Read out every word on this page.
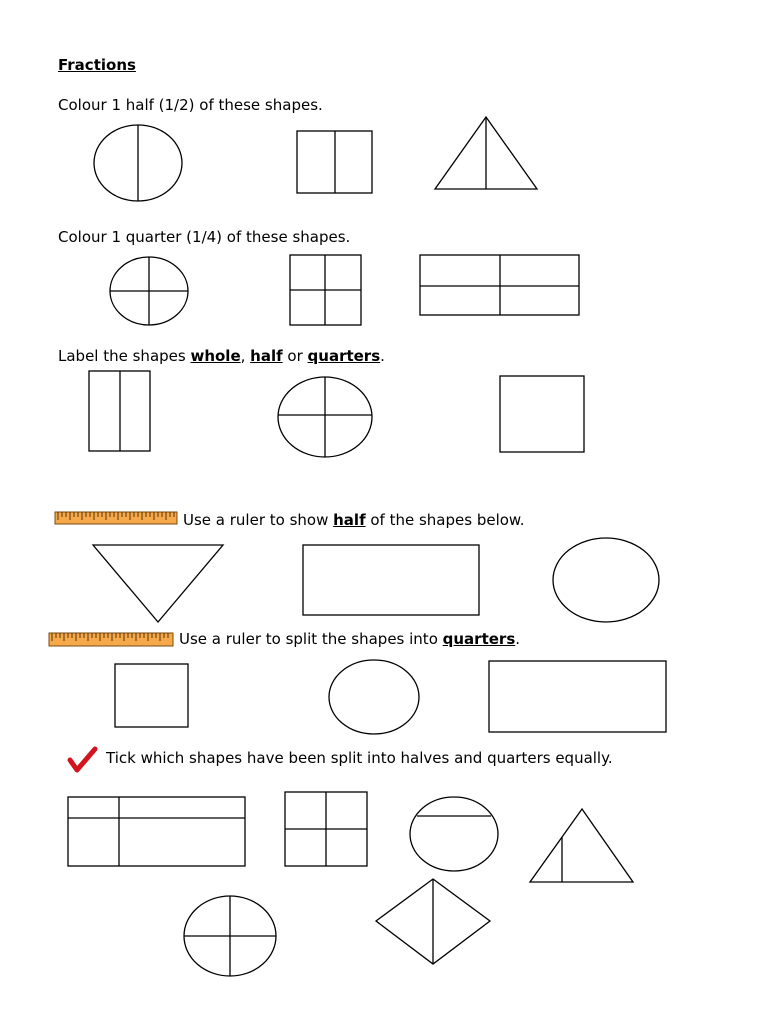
Fractions
Colour 1 half (1/2) of these shapes.
Colour 1 quarter (1/4) of these shapes.
Label the shapes whole, half or quarters.
Use a ruler to show half of the shapes below.
Use a ruler to split the shapes into quarters.
Tick which shapes have been split into halves and quarters equally.
